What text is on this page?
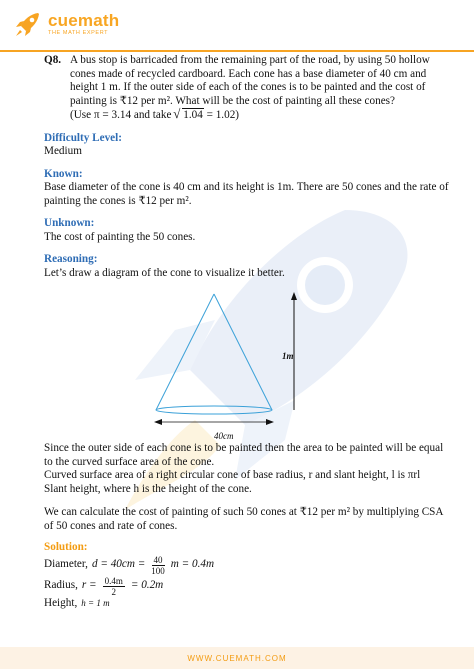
cuemath
THE MATH EXPERT
Q8. A bus stop is barricaded from the remaining part of the road, by using 50 hollow cones made of recycled cardboard. Each cone has a base diameter of 40 cm and height 1 m. If the outer side of each of the cones is to be painted and the cost of painting is ₹12 per m². What will be the cost of painting all these cones?

(Use π = 3.14 and take √ 1.04 = 1.02)

Difficulty Level:

Medium

Known:

Base diameter of the cone is 40 cm and its height is 1m. There are 50 cones and the rate of painting the cones is ₹12 per m².

Unknown:

The cost of painting the 50 cones.

Reasoning:

Let’s draw a diagram of the cone to visualize it better.

1m
40cm

Since the outer side of each cone is to be painted then the area to be painted will be equal to the curved surface area of the cone.

Curved surface area of a right circular cone of base radius, r and slant height, l is πrl

Slant height, where h is the height of the cone.

We can calculate the cost of painting of such 50 cones at ₹12 per m² by multiplying CSA of 50 cones and rate of cones.

Solution:
Diameter, $d = 40cm = \frac{40}{100}$ m = 0.4m
Radius, $r = \frac{0.4m}{2} = 0.2m$
Height, h = 1 m
WWW.CUEMATH.COM
